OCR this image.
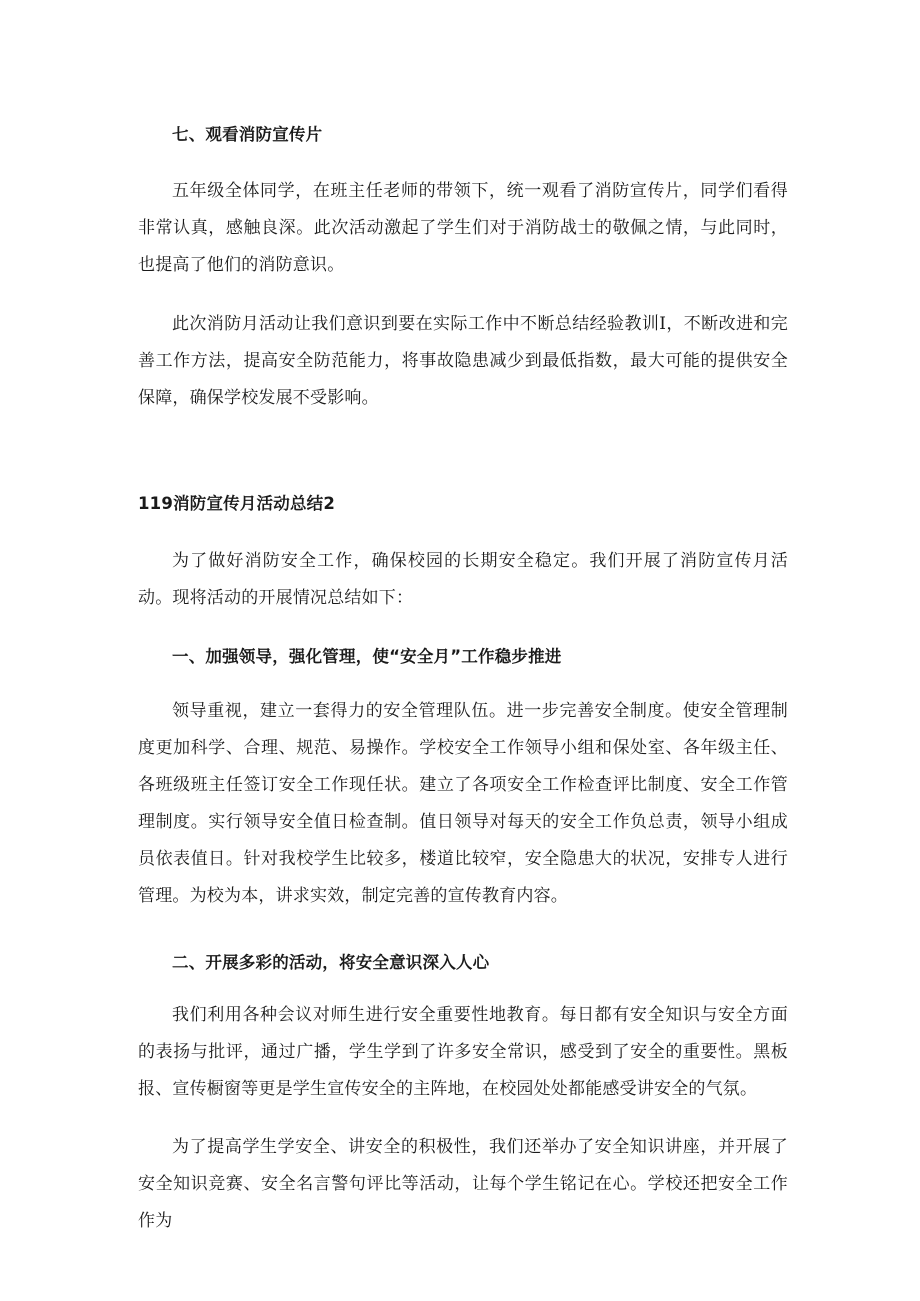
七、观看消防宣传片

五年级全体同学，在班主任老师的带领下，统一观看了消防宣传片，同学们看得非常认真，感触良深。此次活动激起了学生们对于消防战士的敬佩之情，与此同时，也提高了他们的消防意识。

此次消防月活动让我们意识到要在实际工作中不断总结经验教训I，不断改进和完善工作方法，提高安全防范能力，将事故隐患减少到最低指数，最大可能的提供安全保障，确保学校发展不受影响。

119消防宣传月活动总结2

为了做好消防安全工作，确保校园的长期安全稳定。我们开展了消防宣传月活动。现将活动的开展情况总结如下：

一、加强领导，强化管理，使“安全月”工作稳步推进

领导重视，建立一套得力的安全管理队伍。进一步完善安全制度。使安全管理制度更加科学、合理、规范、易操作。学校安全工作领导小组和保处室、各年级主任、各班级班主任签订安全工作现任状。建立了各项安全工作检查评比制度、安全工作管理制度。实行领导安全值日检查制。值日领导对每天的安全工作负总责，领导小组成员依表值日。针对我校学生比较多，楼道比较窄，安全隐患大的状况，安排专人进行管理。为校为本，讲求实效，制定完善的宣传教育内容。

二、开展多彩的活动，将安全意识深入人心

我们利用各种会议对师生进行安全重要性地教育。每日都有安全知识与安全方面的表扬与批评，通过广播，学生学到了许多安全常识，感受到了安全的重要性。黑板报、宣传橱窗等更是学生宣传安全的主阵地，在校园处处都能感受讲安全的气氛。

为了提高学生学安全、讲安全的积极性，我们还举办了安全知识讲座，并开展了安全知识竞赛、安全名言警句评比等活动，让每个学生铭记在心。学校还把安全工作作为
